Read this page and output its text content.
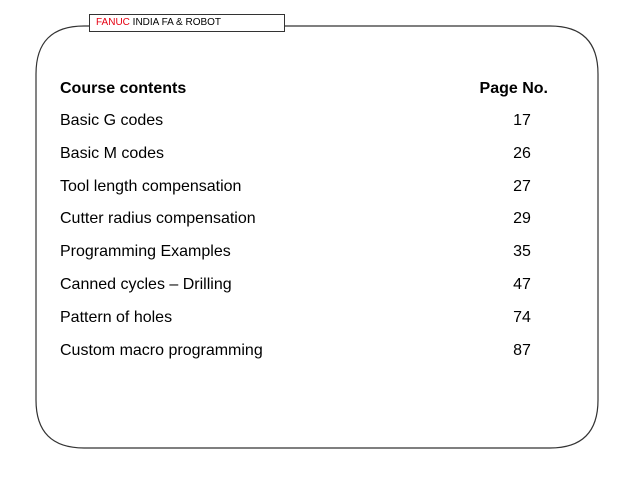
FANUC INDIA FA & ROBOT
Course contents	Page No.
Basic G codes	17
Basic M codes	26
Tool length compensation	27
Cutter radius compensation	29
Programming Examples	35
Canned cycles – Drilling	47
Pattern of holes	74
Custom macro programming	87
